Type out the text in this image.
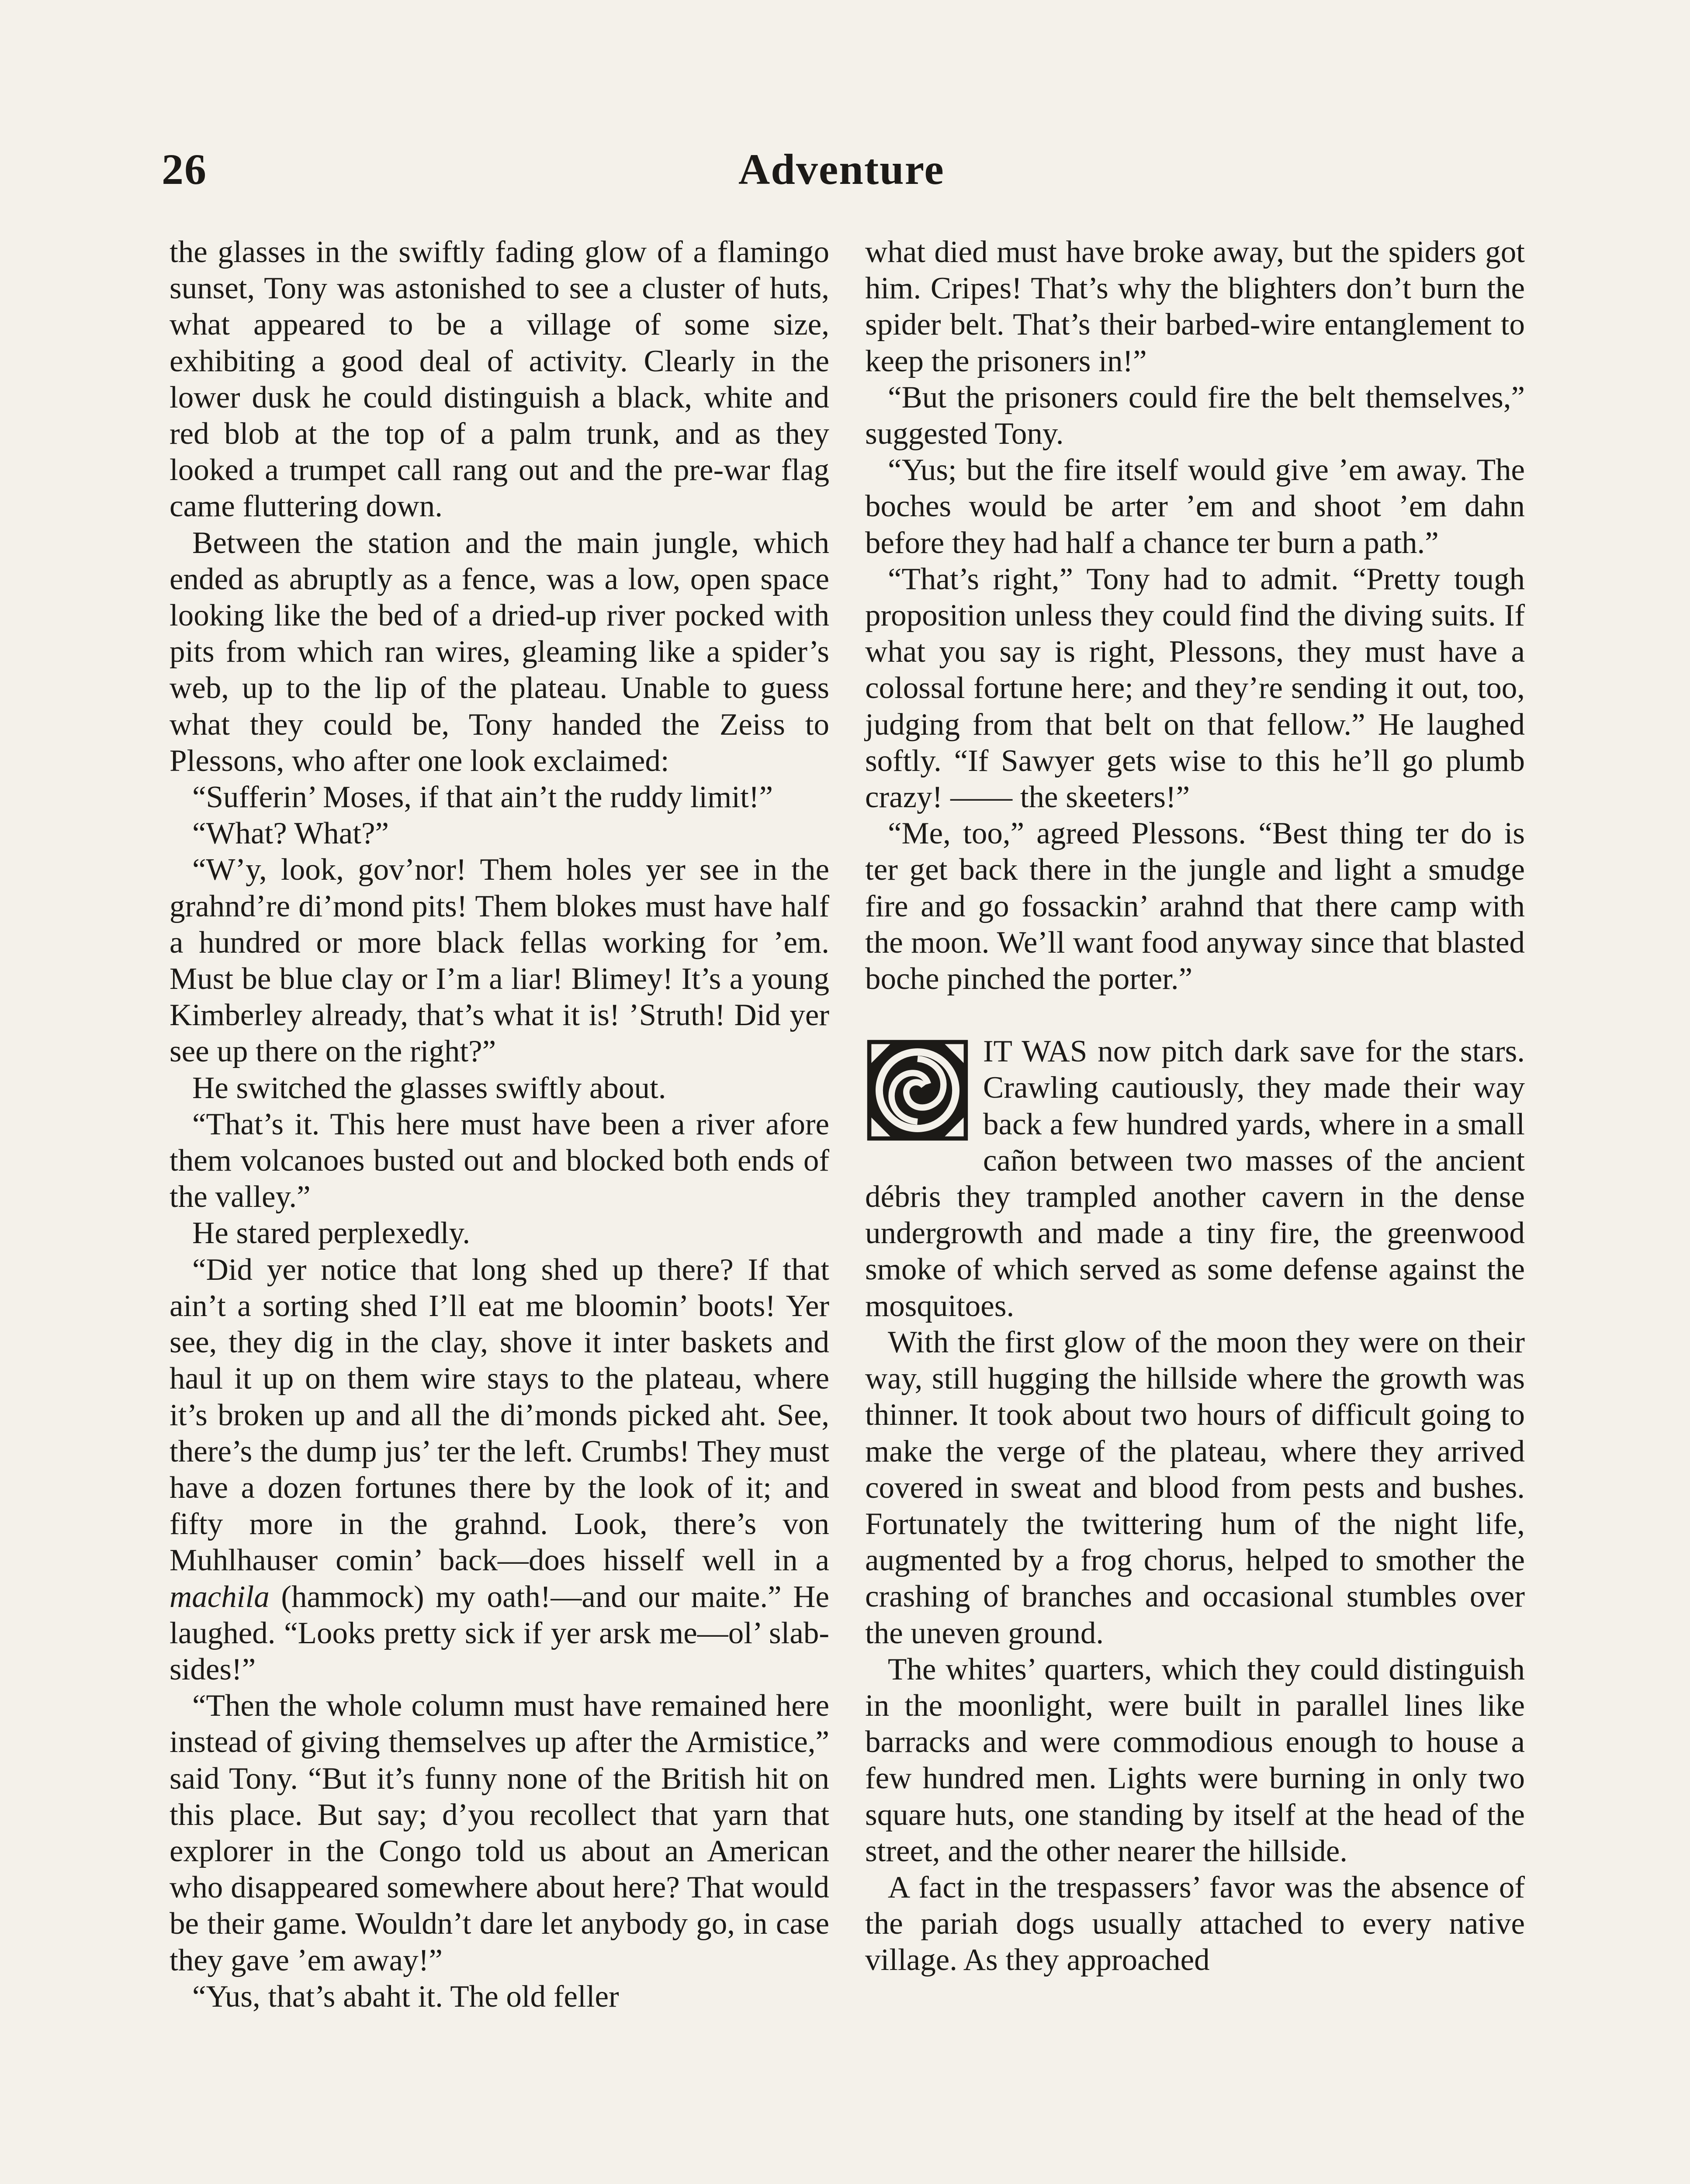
26	Adventure

the glasses in the swiftly fading glow of a flamingo sunset, Tony was astonished to see a cluster of huts, what appeared to be a village of some size, exhibiting a good deal of activity. Clearly in the lower dusk he could distinguish a black, white and red blob at the top of a palm trunk, and as they looked a trumpet call rang out and the pre-war flag came fluttering down.

Between the station and the main jungle, which ended as abruptly as a fence, was a low, open space looking like the bed of a dried-up river pocked with pits from which ran wires, gleaming like a spider’s web, up to the lip of the plateau. Unable to guess what they could be, Tony handed the Zeiss to Plessons, who after one look exclaimed:

“Sufferin’ Moses, if that ain’t the ruddy limit!”

“What? What?”

“W’y, look, gov’nor! Them holes yer see in the grahnd’re di’mond pits! Them blokes must have half a hundred or more black fellas working for ’em. Must be blue clay or I’m a liar! Blimey! It’s a young Kimberley already, that’s what it is! ’Struth! Did yer see up there on the right?”

He switched the glasses swiftly about.

“That’s it. This here must have been a river afore them volcanoes busted out and blocked both ends of the valley.”

He stared perplexedly.

“Did yer notice that long shed up there? If that ain’t a sorting shed I’ll eat me bloomin’ boots! Yer see, they dig in the clay, shove it inter baskets and haul it up on them wire stays to the plateau, where it’s broken up and all the di’monds picked aht. See, there’s the dump jus’ ter the left. Crumbs! They must have a dozen fortunes there by the look of it; and fifty more in the grahnd. Look, there’s von Muhlhauser comin’ back—does hisself well in a machila (hammock) my oath!—and our maite.” He laughed. “Looks pretty sick if yer arsk me—ol’ slab-sides!”

“Then the whole column must have remained here instead of giving themselves up after the Armistice,” said Tony. “But it’s funny none of the British hit on this place. But say; d’you recollect that yarn that explorer in the Congo told us about an American who disappeared somewhere about here? That would be their game. Wouldn’t dare let anybody go, in case they gave ’em away!”

“Yus, that’s abaht it. The old feller

what died must have broke away, but the spiders got him. Cripes! That’s why the blighters don’t burn the spider belt. That’s their barbed-wire entanglement to keep the prisoners in!”

“But the prisoners could fire the belt themselves,” suggested Tony.

“Yus; but the fire itself would give ’em away. The boches would be arter ’em and shoot ’em dahn before they had half a chance ter burn a path.”

“That’s right,” Tony had to admit. “Pretty tough proposition unless they could find the diving suits. If what you say is right, Plessons, they must have a colossal fortune here; and they’re sending it out, too, judging from that belt on that fellow.” He laughed softly. “If Sawyer gets wise to this he’ll go plumb crazy! —— the skeeters!”

“Me, too,” agreed Plessons. “Best thing ter do is ter get back there in the jungle and light a smudge fire and go fossackin’ arahnd that there camp with the moon. We’ll want food anyway since that blasted boche pinched the porter.”

IT WAS now pitch dark save for the stars. Crawling cautiously, they made their way back a few hundred yards, where in a small cañon between two masses of the ancient débris they trampled another cavern in the dense undergrowth and made a tiny fire, the greenwood smoke of which served as some defense against the mosquitoes.

With the first glow of the moon they were on their way, still hugging the hillside where the growth was thinner. It took about two hours of difficult going to make the verge of the plateau, where they arrived covered in sweat and blood from pests and bushes. Fortunately the twittering hum of the night life, augmented by a frog chorus, helped to smother the crashing of branches and occasional stumbles over the uneven ground.

The whites’ quarters, which they could distinguish in the moonlight, were built in parallel lines like barracks and were commodious enough to house a few hundred men. Lights were burning in only two square huts, one standing by itself at the head of the street, and the other nearer the hillside.

A fact in the trespassers’ favor was the absence of the pariah dogs usually attached to every native village. As they approached
